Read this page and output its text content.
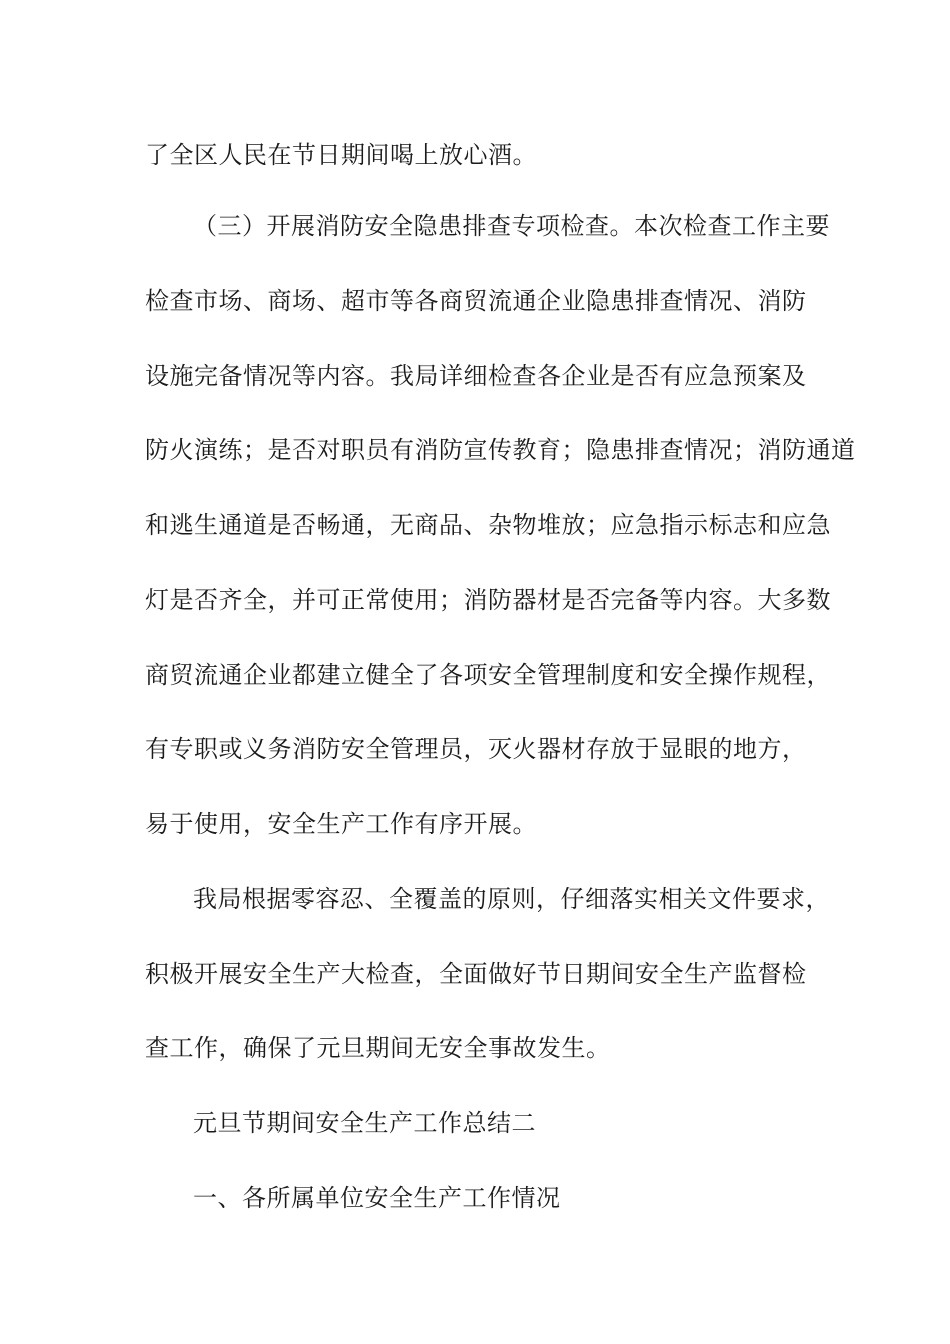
了全区人民在节日期间喝上放心酒。
（三）开展消防安全隐患排查专项检查。本次检查工作主要
检查市场、商场、超市等各商贸流通企业隐患排查情况、消防
设施完备情况等内容。我局详细检查各企业是否有应急预案及
防火演练；是否对职员有消防宣传教育；隐患排查情况；消防通道
和逃生通道是否畅通，无商品、杂物堆放；应急指示标志和应急
灯是否齐全，并可正常使用；消防器材是否完备等内容。大多数
商贸流通企业都建立健全了各项安全管理制度和安全操作规程，
有专职或义务消防安全管理员，灭火器材存放于显眼的地方，
易于使用，安全生产工作有序开展。
我局根据零容忍、全覆盖的原则，仔细落实相关文件要求，
积极开展安全生产大检查，全面做好节日期间安全生产监督检
查工作，确保了元旦期间无安全事故发生。
元旦节期间安全生产工作总结二
一、各所属单位安全生产工作情况
